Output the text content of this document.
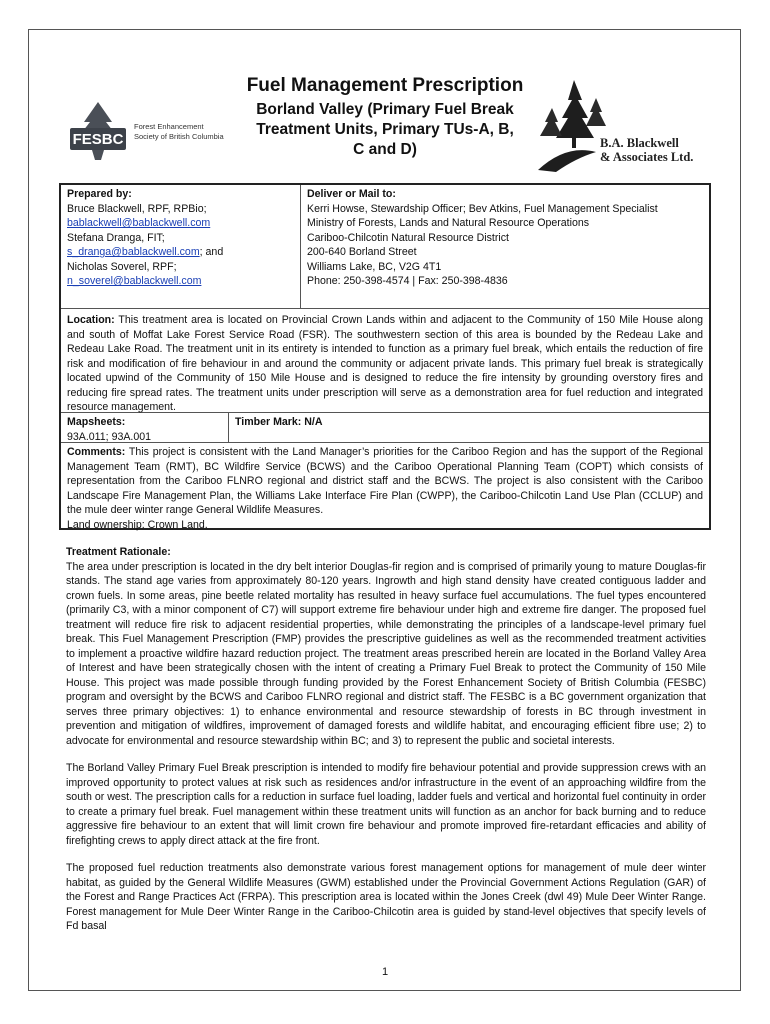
FESBC
Forest Enhancement
Society of British Columbia
Fuel Management Prescription
Borland Valley (Primary Fuel Break
Treatment Units, Primary TUs-A, B,
C and D)	B.A. Blackwell
& Associates Ltd.
Prepared by:
Bruce Blackwell, RPF, RPBio;
bablackwell@bablackwell.com
Stefana Dranga, FIT;
s_dranga@bablackwell.com; and
Nicholas Soverel, RPF;
n_soverel@bablackwell.com
Deliver or Mail to:
Kerri Howse, Stewardship Officer; Bev Atkins, Fuel Management Specialist
Ministry of Forests, Lands and Natural Resource Operations
Cariboo-Chilcotin Natural Resource District
200-640 Borland Street
Williams Lake, BC, V2G 4T1
Phone: 250-398-4574 | Fax: 250-398-4836
Location: This treatment area is located on Provincial Crown Lands within and adjacent to the Community of 150 Mile House along and south of Moffat Lake Forest Service Road (FSR). The southwestern section of this area is bounded by the Redeau Lake and Redeau Lake Road. The treatment unit in its entirety is intended to function as a primary fuel break, which entails the reduction of fire risk and modification of fire behaviour in and around the community or adjacent private lands. This primary fuel break is strategically located upwind of the Community of 150 Mile House and is designed to reduce the fire intensity by grounding overstory fires and reducing fire spread rates. The treatment units under prescription will serve as a demonstration area for fuel reduction and integrated resource management.
Mapsheets:
93A.011; 93A.001
Timber Mark: N/A
Comments: This project is consistent with the Land Manager’s priorities for the Cariboo Region and has the support of the Regional Management Team (RMT), BC Wildfire Service (BCWS) and the Cariboo Operational Planning Team (COPT) which consists of representation from the Cariboo FLNRO regional and district staff and the BCWS. The project is also consistent with the Cariboo Landscape Fire Management Plan, the Williams Lake Interface Fire Plan (CWPP), the Cariboo-Chilcotin Land Use Plan (CCLUP) and the mule deer winter range General Wildlife Measures.
Land ownership: Crown Land.
Treatment Rationale:

The area under prescription is located in the dry belt interior Douglas-fir region and is comprised of primarily young to mature Douglas-fir stands. The stand age varies from approximately 80-120 years. Ingrowth and high stand density have created contiguous ladder and crown fuels. In some areas, pine beetle related mortality has resulted in heavy surface fuel accumulations. The fuel types encountered (primarily C3, with a minor component of C7) will support extreme fire behaviour under high and extreme fire danger. The proposed fuel treatment will reduce fire risk to adjacent residential properties, while demonstrating the principles of a landscape-level primary fuel break. This Fuel Management Prescription (FMP) provides the prescriptive guidelines as well as the recommended treatment activities to implement a proactive wildfire hazard reduction project. The treatment areas prescribed herein are located in the Borland Valley Area of Interest and have been strategically chosen with the intent of creating a Primary Fuel Break to protect the Community of 150 Mile House. This project was made possible through funding provided by the Forest Enhancement Society of British Columbia (FESBC) program and oversight by the BCWS and Cariboo FLNRO regional and district staff. The FESBC is a BC government organization that serves three primary objectives: 1) to enhance environmental and resource stewardship of forests in BC through investment in prevention and mitigation of wildfires, improvement of damaged forests and wildlife habitat, and encouraging efficient fibre use; 2) to advocate for environmental and resource stewardship within BC; and 3) to represent the public and societal interests.

The Borland Valley Primary Fuel Break prescription is intended to modify fire behaviour potential and provide suppression crews with an improved opportunity to protect values at risk such as residences and/or infrastructure in the event of an approaching wildfire from the south or west. The prescription calls for a reduction in surface fuel loading, ladder fuels and vertical and horizontal fuel continuity in order to create a primary fuel break. Fuel management within these treatment units will function as an anchor for back burning and to reduce aggressive fire behaviour to an extent that will limit crown fire behaviour and promote improved fire-retardant efficacies and ability of firefighting crews to apply direct attack at the fire front.

The proposed fuel reduction treatments also demonstrate various forest management options for management of mule deer winter habitat, as guided by the General Wildlife Measures (GWM) established under the Provincial Government Actions Regulation (GAR) of the Forest and Range Practices Act (FRPA). This prescription area is located within the Jones Creek (dwl 49) Mule Deer Winter Range. Forest management for Mule Deer Winter Range in the Cariboo-Chilcotin area is guided by stand-level objectives that specify levels of Fd basal

1
